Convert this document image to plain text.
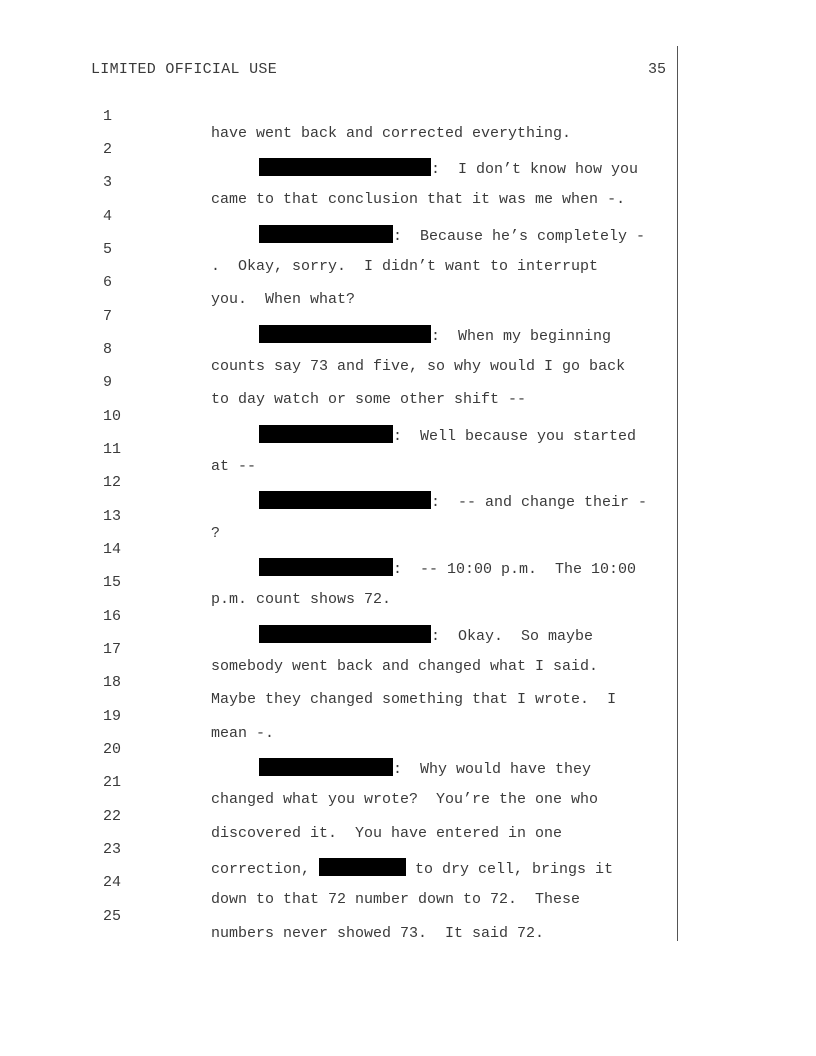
LIMITED OFFICIAL USE	35

1

have went back and corrected everything.

2

:  I don’t know how you

3

came to that conclusion that it was me when -.

4

:  Because he’s completely -

5

.  Okay, sorry.  I didn’t want to interrupt

6

you.  When what?

7

:  When my beginning

8

counts say 73 and five, so why would I go back

9

to day watch or some other shift --

10

:  Well because you started

11

at --

12

:  -- and change their -

13

?

14

:  -- 10:00 p.m.  The 10:00

15

p.m. count shows 72.

16

:  Okay.  So maybe

17

somebody went back and changed what I said.

18

Maybe they changed something that I wrote.  I

19

mean -.

20

:  Why would have they

21

changed what you wrote?  You’re the one who

22

discovered it.  You have entered in one

23

correction,	to dry cell, brings it

24

down to that 72 number down to 72.  These

25

numbers never showed 73.  It said 72.
